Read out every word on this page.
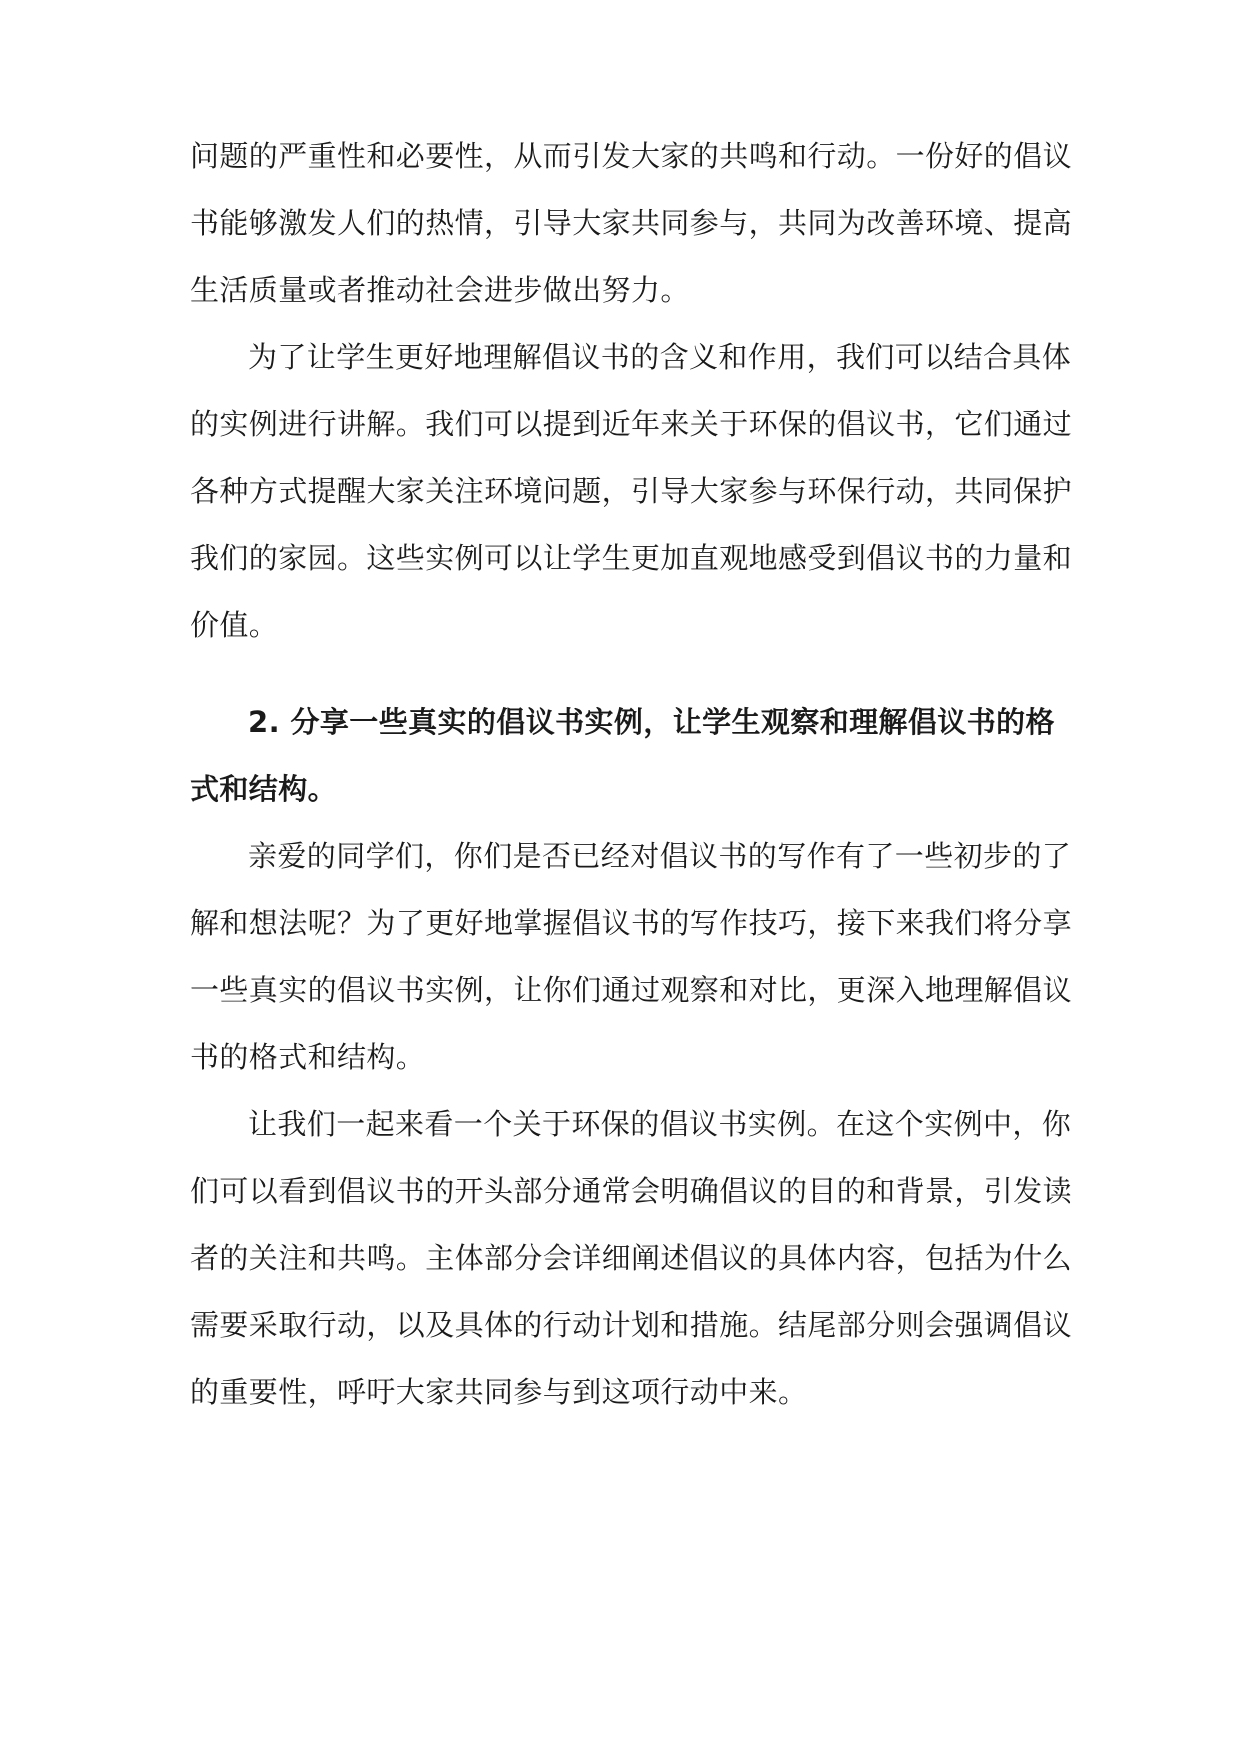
问题的严重性和必要性，从而引发大家的共鸣和行动。一份好的倡议
书能够激发人们的热情，引导大家共同参与，共同为改善环境、提高
生活质量或者推动社会进步做出努力。
为了让学生更好地理解倡议书的含义和作用，我们可以结合具体
的实例进行讲解。我们可以提到近年来关于环保的倡议书，它们通过
各种方式提醒大家关注环境问题，引导大家参与环保行动，共同保护
我们的家园。这些实例可以让学生更加直观地感受到倡议书的力量和
价值。
2. 分享一些真实的倡议书实例，让学生观察和理解倡议书的格
式和结构。
亲爱的同学们，你们是否已经对倡议书的写作有了一些初步的了
解和想法呢？为了更好地掌握倡议书的写作技巧，接下来我们将分享
一些真实的倡议书实例，让你们通过观察和对比，更深入地理解倡议
书的格式和结构。
让我们一起来看一个关于环保的倡议书实例。在这个实例中，你
们可以看到倡议书的开头部分通常会明确倡议的目的和背景，引发读
者的关注和共鸣。主体部分会详细阐述倡议的具体内容，包括为什么
需要采取行动，以及具体的行动计划和措施。结尾部分则会强调倡议
的重要性，呼吁大家共同参与到这项行动中来。
